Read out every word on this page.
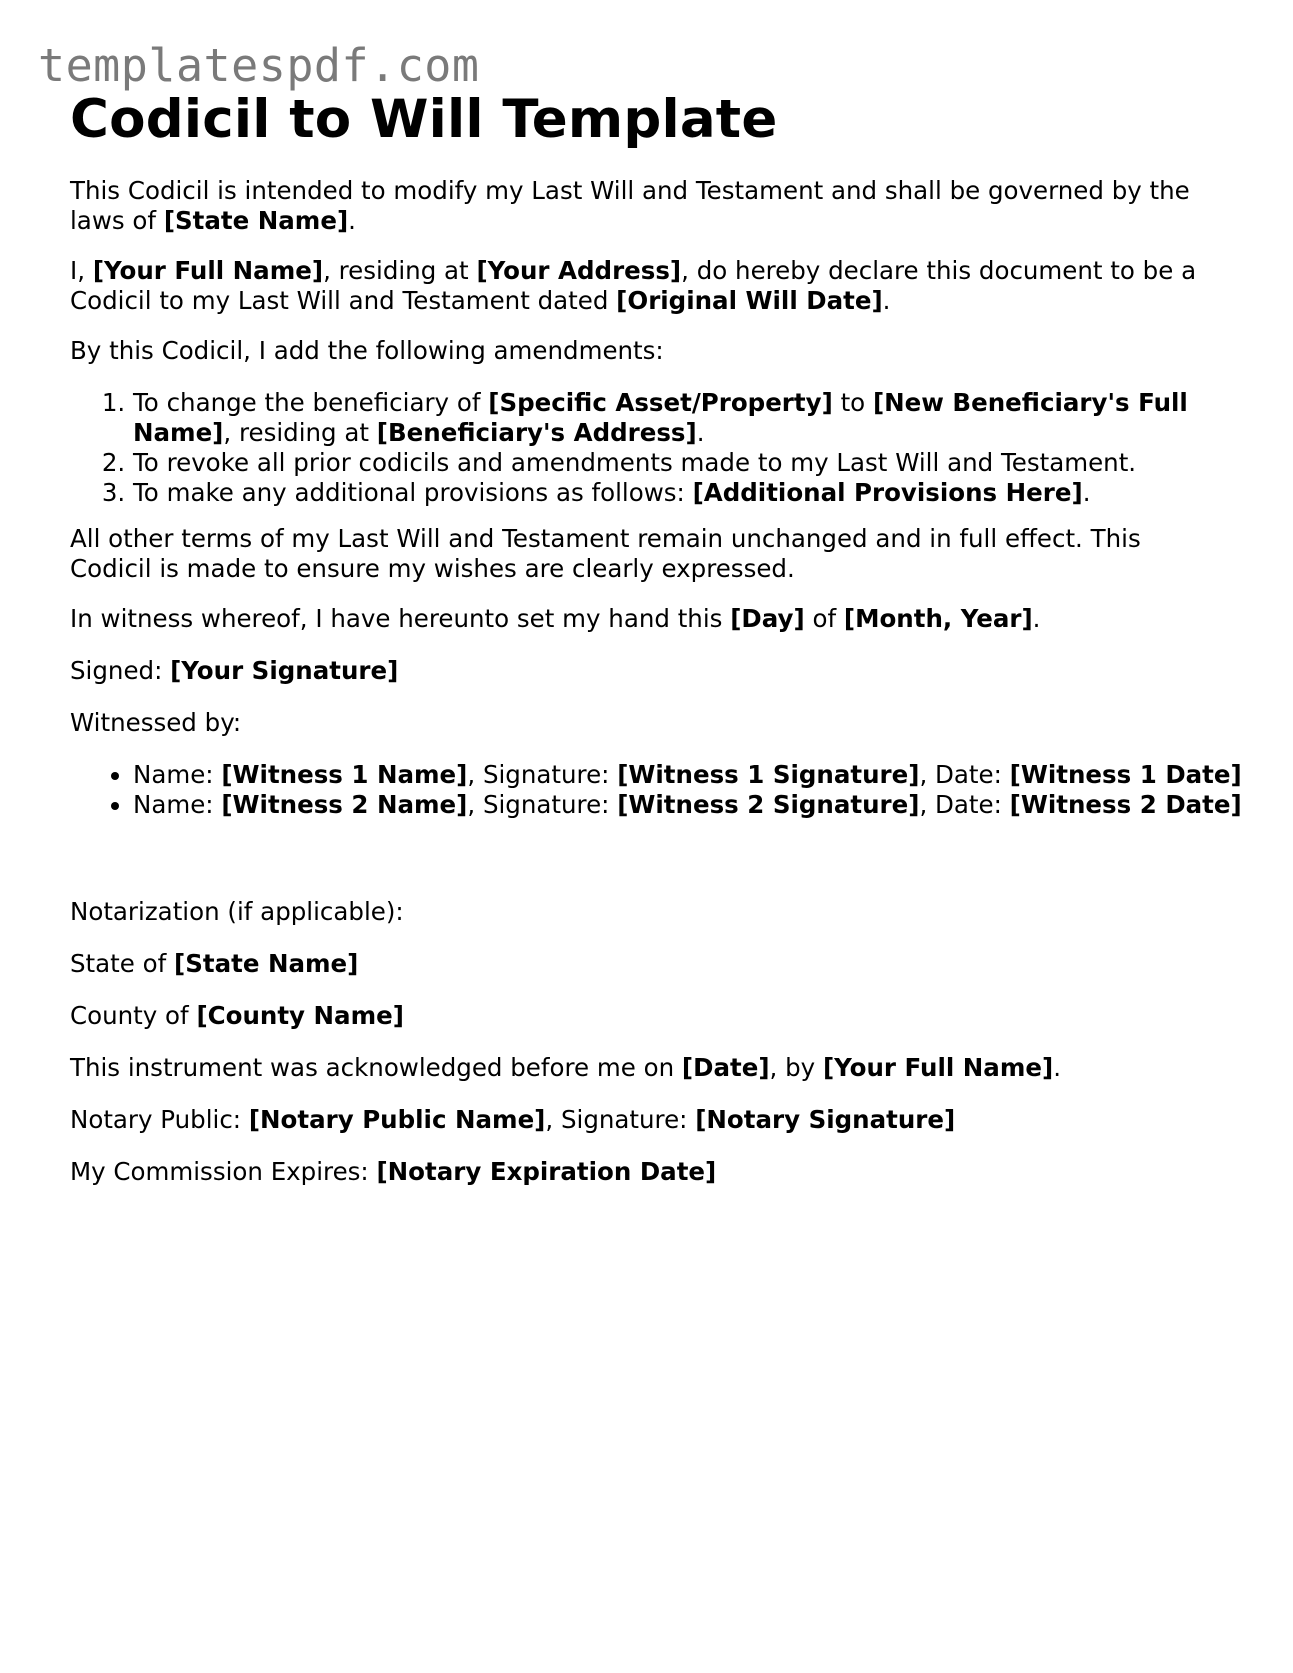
templatespdf.com
Codicil to Will Template

This Codicil is intended to modify my Last Will and Testament and shall be governed by the laws of [State Name].

I, [Your Full Name], residing at [Your Address], do hereby declare this document to be a Codicil to my Last Will and Testament dated [Original Will Date].

By this Codicil, I add the following amendments:

1. To change the beneficiary of [Specific Asset/Property] to [New Beneficiary's Full Name], residing at [Beneficiary's Address].
2. To revoke all prior codicils and amendments made to my Last Will and Testament.
3. To make any additional provisions as follows: [Additional Provisions Here].

All other terms of my Last Will and Testament remain unchanged and in full effect. This Codicil is made to ensure my wishes are clearly expressed.

In witness whereof, I have hereunto set my hand this [Day] of [Month, Year].

Signed: [Your Signature]

Witnessed by:

• Name: [Witness 1 Name], Signature: [Witness 1 Signature], Date: [Witness 1 Date]
• Name: [Witness 2 Name], Signature: [Witness 2 Signature], Date: [Witness 2 Date]

Notarization (if applicable):

State of [State Name]

County of [County Name]

This instrument was acknowledged before me on [Date], by [Your Full Name].

Notary Public: [Notary Public Name], Signature: [Notary Signature]

My Commission Expires: [Notary Expiration Date]
